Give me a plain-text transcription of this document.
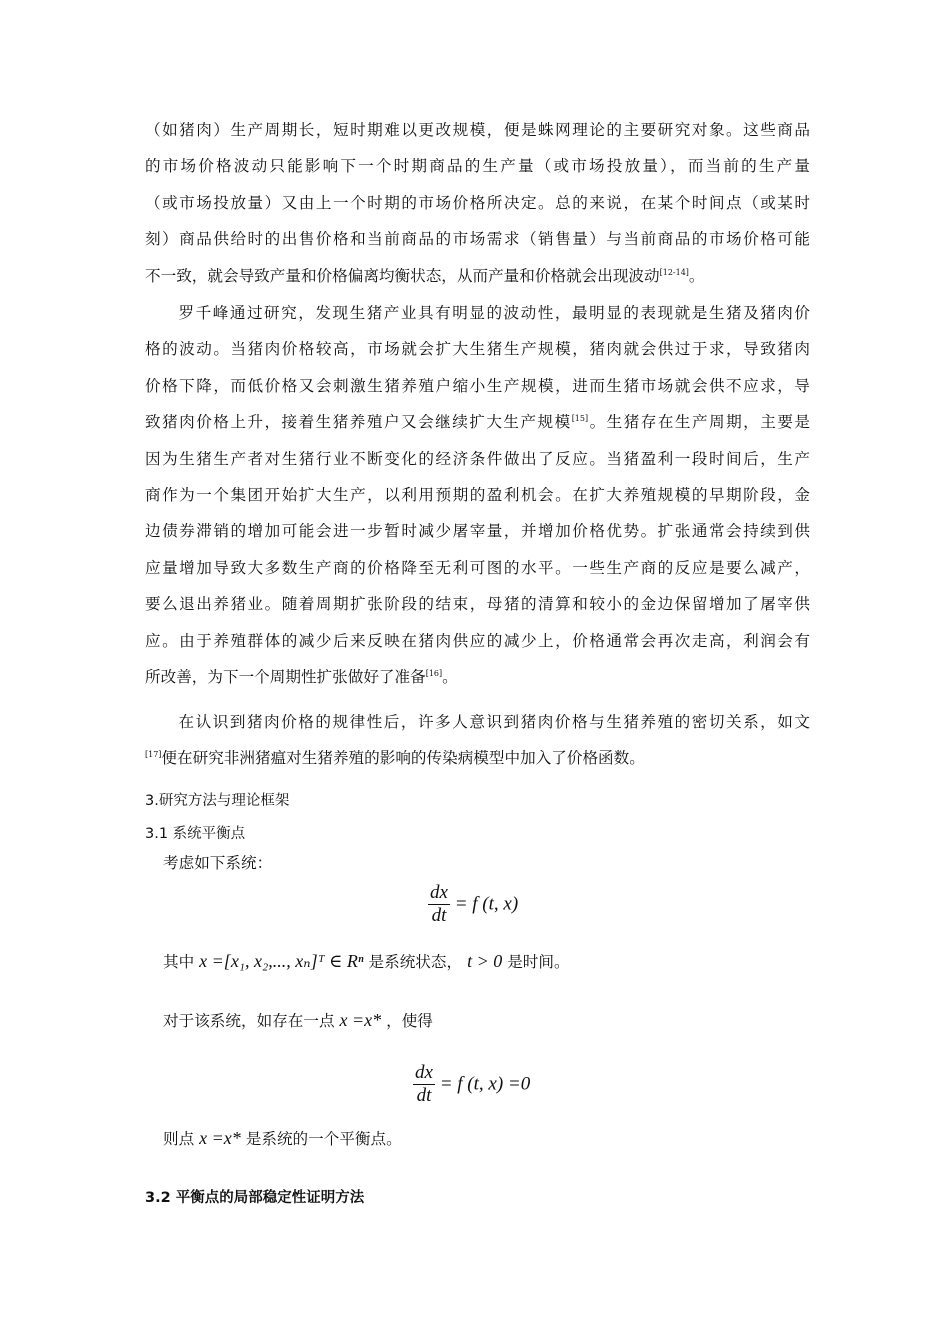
（如猪肉）生产周期长，短时期难以更改规模，便是蛛网理论的主要研究对象。这些商品
的市场价格波动只能影响下一个时期商品的生产量（或市场投放量），而当前的生产量
（或市场投放量）又由上一个时期的市场价格所决定。总的来说，在某个时间点（或某时
刻）商品供给时的出售价格和当前商品的市场需求（销售量）与当前商品的市场价格可能
不一致，就会导致产量和价格偏离均衡状态，从而产量和价格就会出现波动[12-14]。
罗千峰通过研究，发现生猪产业具有明显的波动性，最明显的表现就是生猪及猪肉价
格的波动。当猪肉价格较高，市场就会扩大生猪生产规模，猪肉就会供过于求，导致猪肉
价格下降，而低价格又会刺激生猪养殖户缩小生产规模，进而生猪市场就会供不应求，导
致猪肉价格上升，接着生猪养殖户又会继续扩大生产规模[15]。生猪存在生产周期，主要是
因为生猪生产者对生猪行业不断变化的经济条件做出了反应。当猪盈利一段时间后，生产
商作为一个集团开始扩大生产，以利用预期的盈利机会。在扩大养殖规模的早期阶段，金
边债券滞销的增加可能会进一步暂时减少屠宰量，并增加价格优势。扩张通常会持续到供
应量增加导致大多数生产商的价格降至无利可图的水平。一些生产商的反应是要么减产，
要么退出养猪业。随着周期扩张阶段的结束，母猪的清算和较小的金边保留增加了屠宰供
应。由于养殖群体的减少后来反映在猪肉供应的减少上，价格通常会再次走高，利润会有
所改善，为下一个周期性扩张做好了准备[16]。
在认识到猪肉价格的规律性后，许多人意识到猪肉价格与生猪养殖的密切关系，如文
[17]便在研究非洲猪瘟对生猪养殖的影响的传染病模型中加入了价格函数。
3.研究方法与理论框架
3.1 系统平衡点
考虑如下系统：
$\frac{dx}{dt} = f$ (t, x)
其中 x =[x₁, x₂,..., xₙ]ᵀ ∈ Rⁿ 是系统状态， t > 0 是时间。
对于该系统，如存在一点 x =x* ，使得
$\frac{dx}{dt} = f$ (t, x) =0
则点 x =x* 是系统的一个平衡点。
3.2 平衡点的局部稳定性证明方法
